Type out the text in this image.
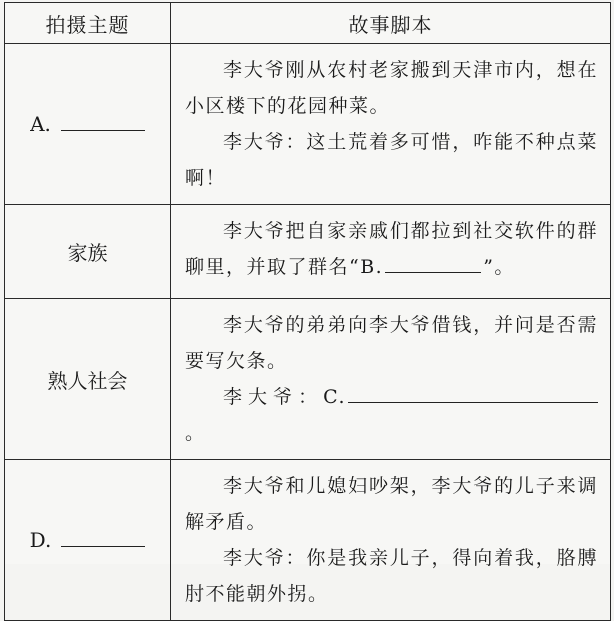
拍摄主题	故事脚本
A.	李大爷刚从农村老家搬到天津市内，想在小区楼下的花园种菜。

李大爷：这土荒着多可惜，咋能不种点菜啊！

家族	李大爷把自家亲戚们都拉到社交软件的群聊里，并取了群名“B. ”。

熟人社会	李大爷的弟弟向李大爷借钱，并问是否需要写欠条。

李大爷：C.。

D.	李大爷和儿媳妇吵架，李大爷的儿子来调解矛盾。

李大爷：你是我亲儿子，得向着我，胳膊肘不能朝外拐。
